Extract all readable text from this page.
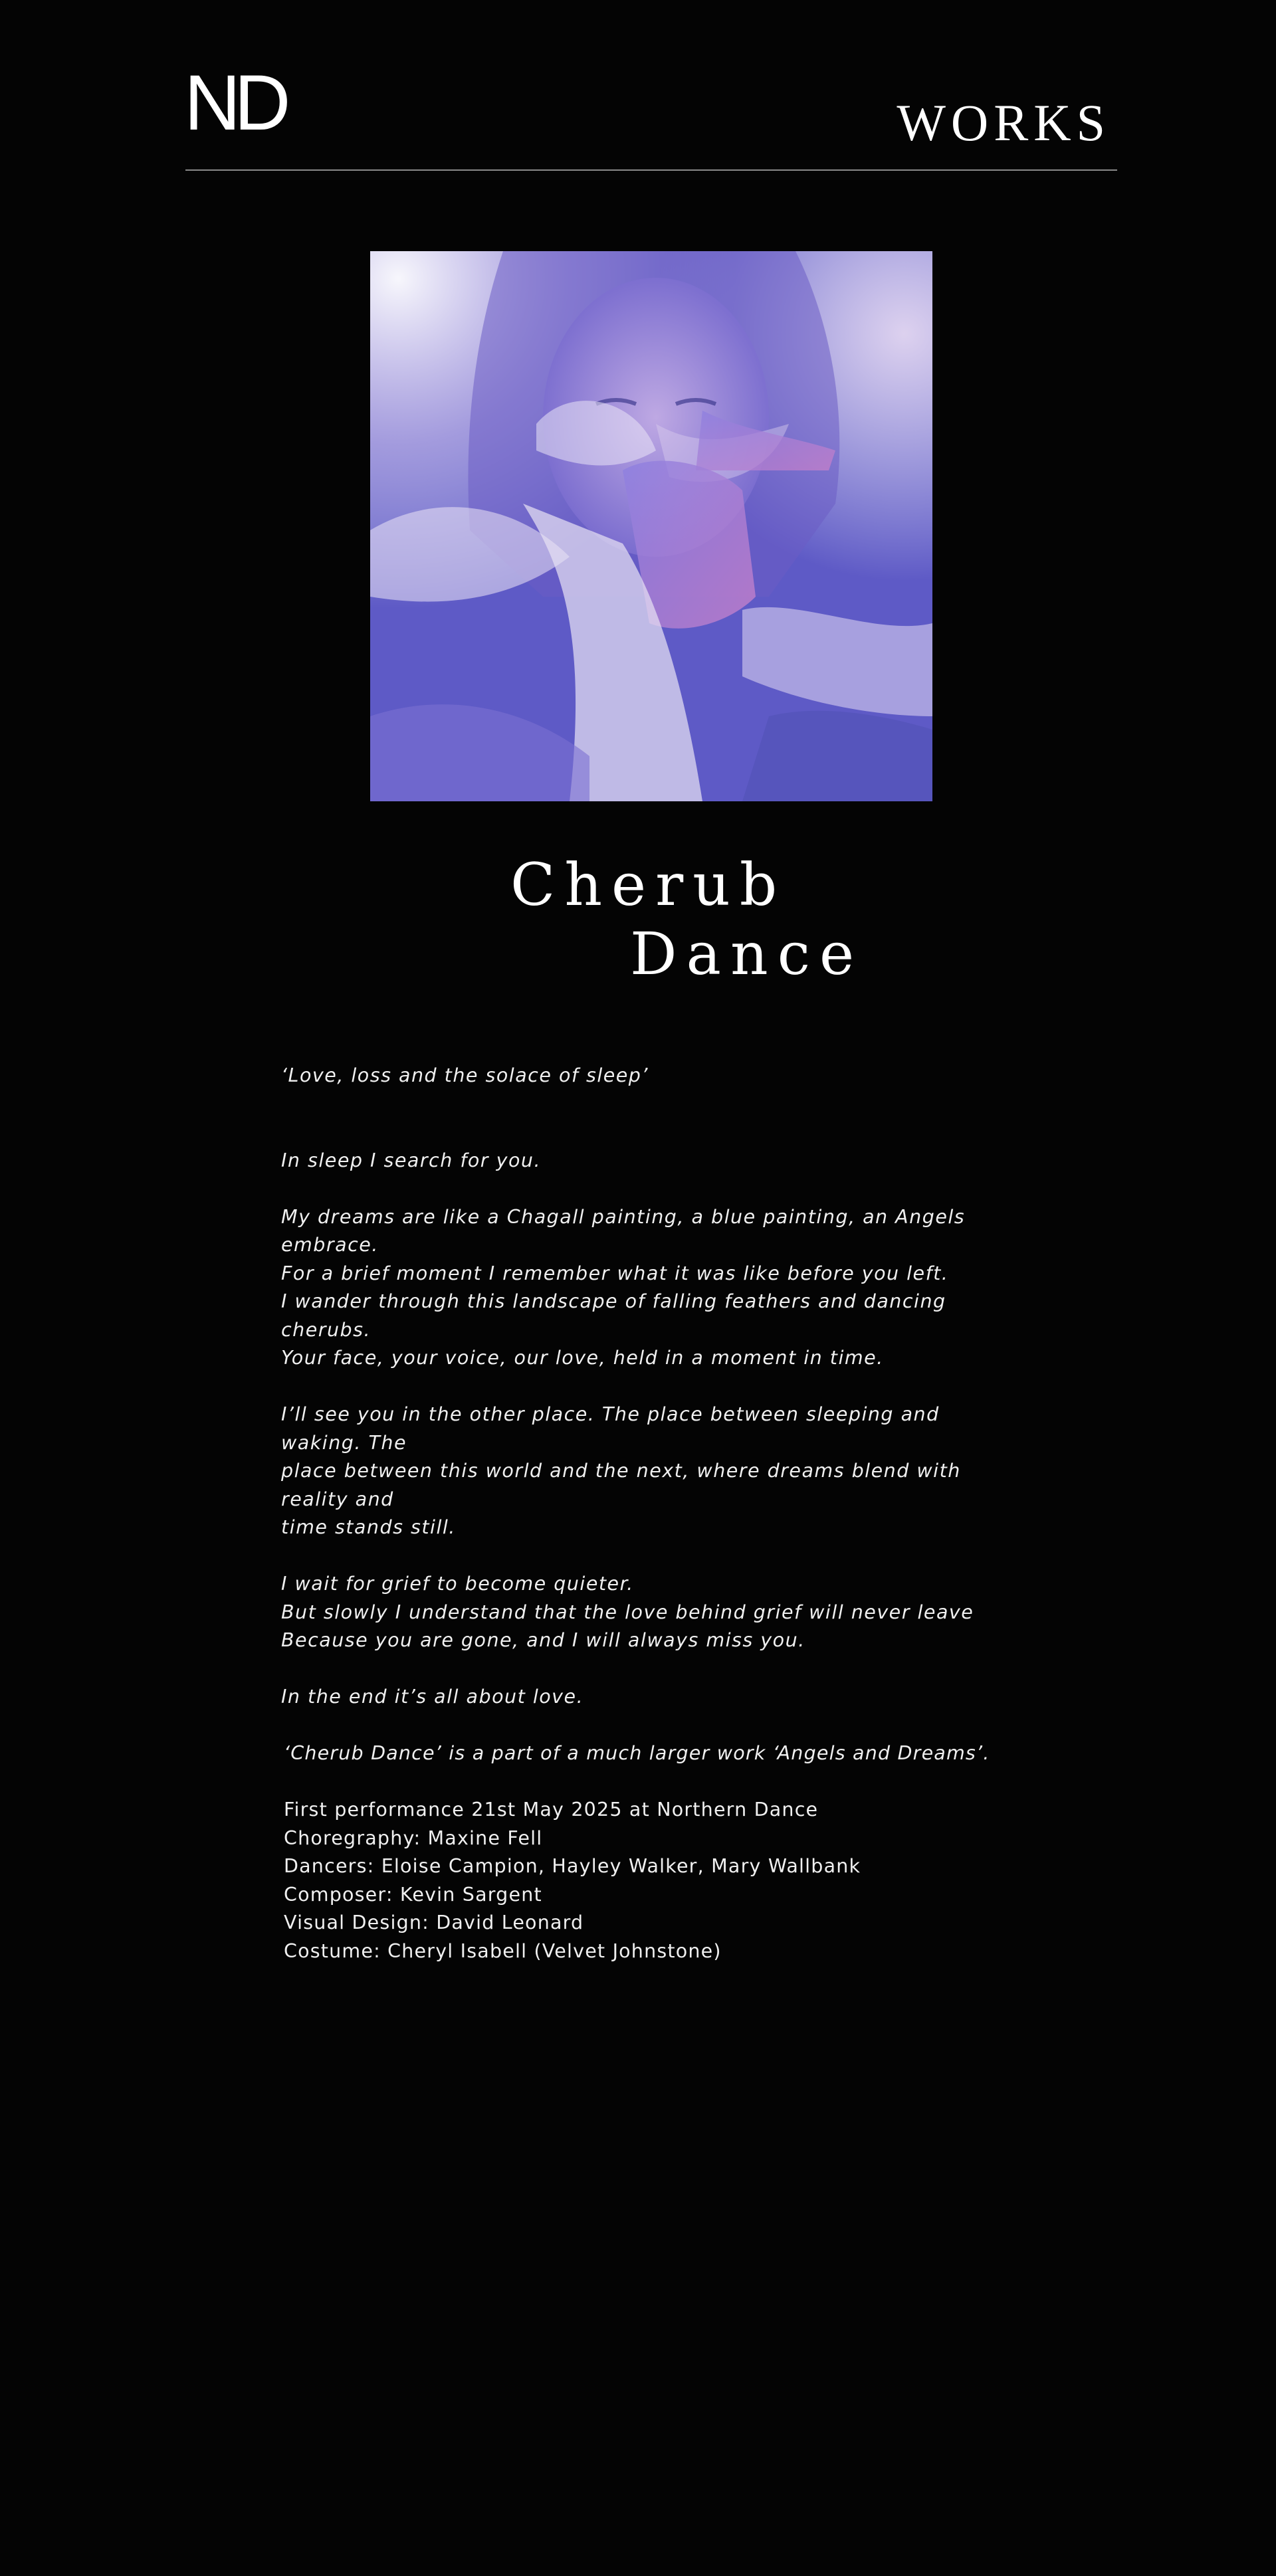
ND	WORKS
Cherub
Dance

‘Love, loss and the solace of sleep’

In sleep I search for you.

My dreams are like a Chagall painting, a blue painting, an Angels embrace.
For a brief moment I remember what it was like before you left.
I wander through this landscape of falling feathers and dancing cherubs.
Your face, your voice, our love, held in a moment in time.

I’ll see you in the other place. The place between sleeping and waking. The
place between this world and the next, where dreams blend with reality and
time stands still.

I wait for grief to become quieter.
But slowly I understand that the love behind grief will never leave
Because you are gone, and I will always miss you.

In the end it’s all about love.

‘Cherub Dance’ is a part of a much larger work ‘Angels and Dreams’.

First performance 21st May 2025 at Northern Dance

Choregraphy: Maxine Fell

Dancers: Eloise Campion, Hayley Walker, Mary Wallbank

Composer: Kevin Sargent

Visual Design: David Leonard

Costume: Cheryl Isabell (Velvet Johnstone)
